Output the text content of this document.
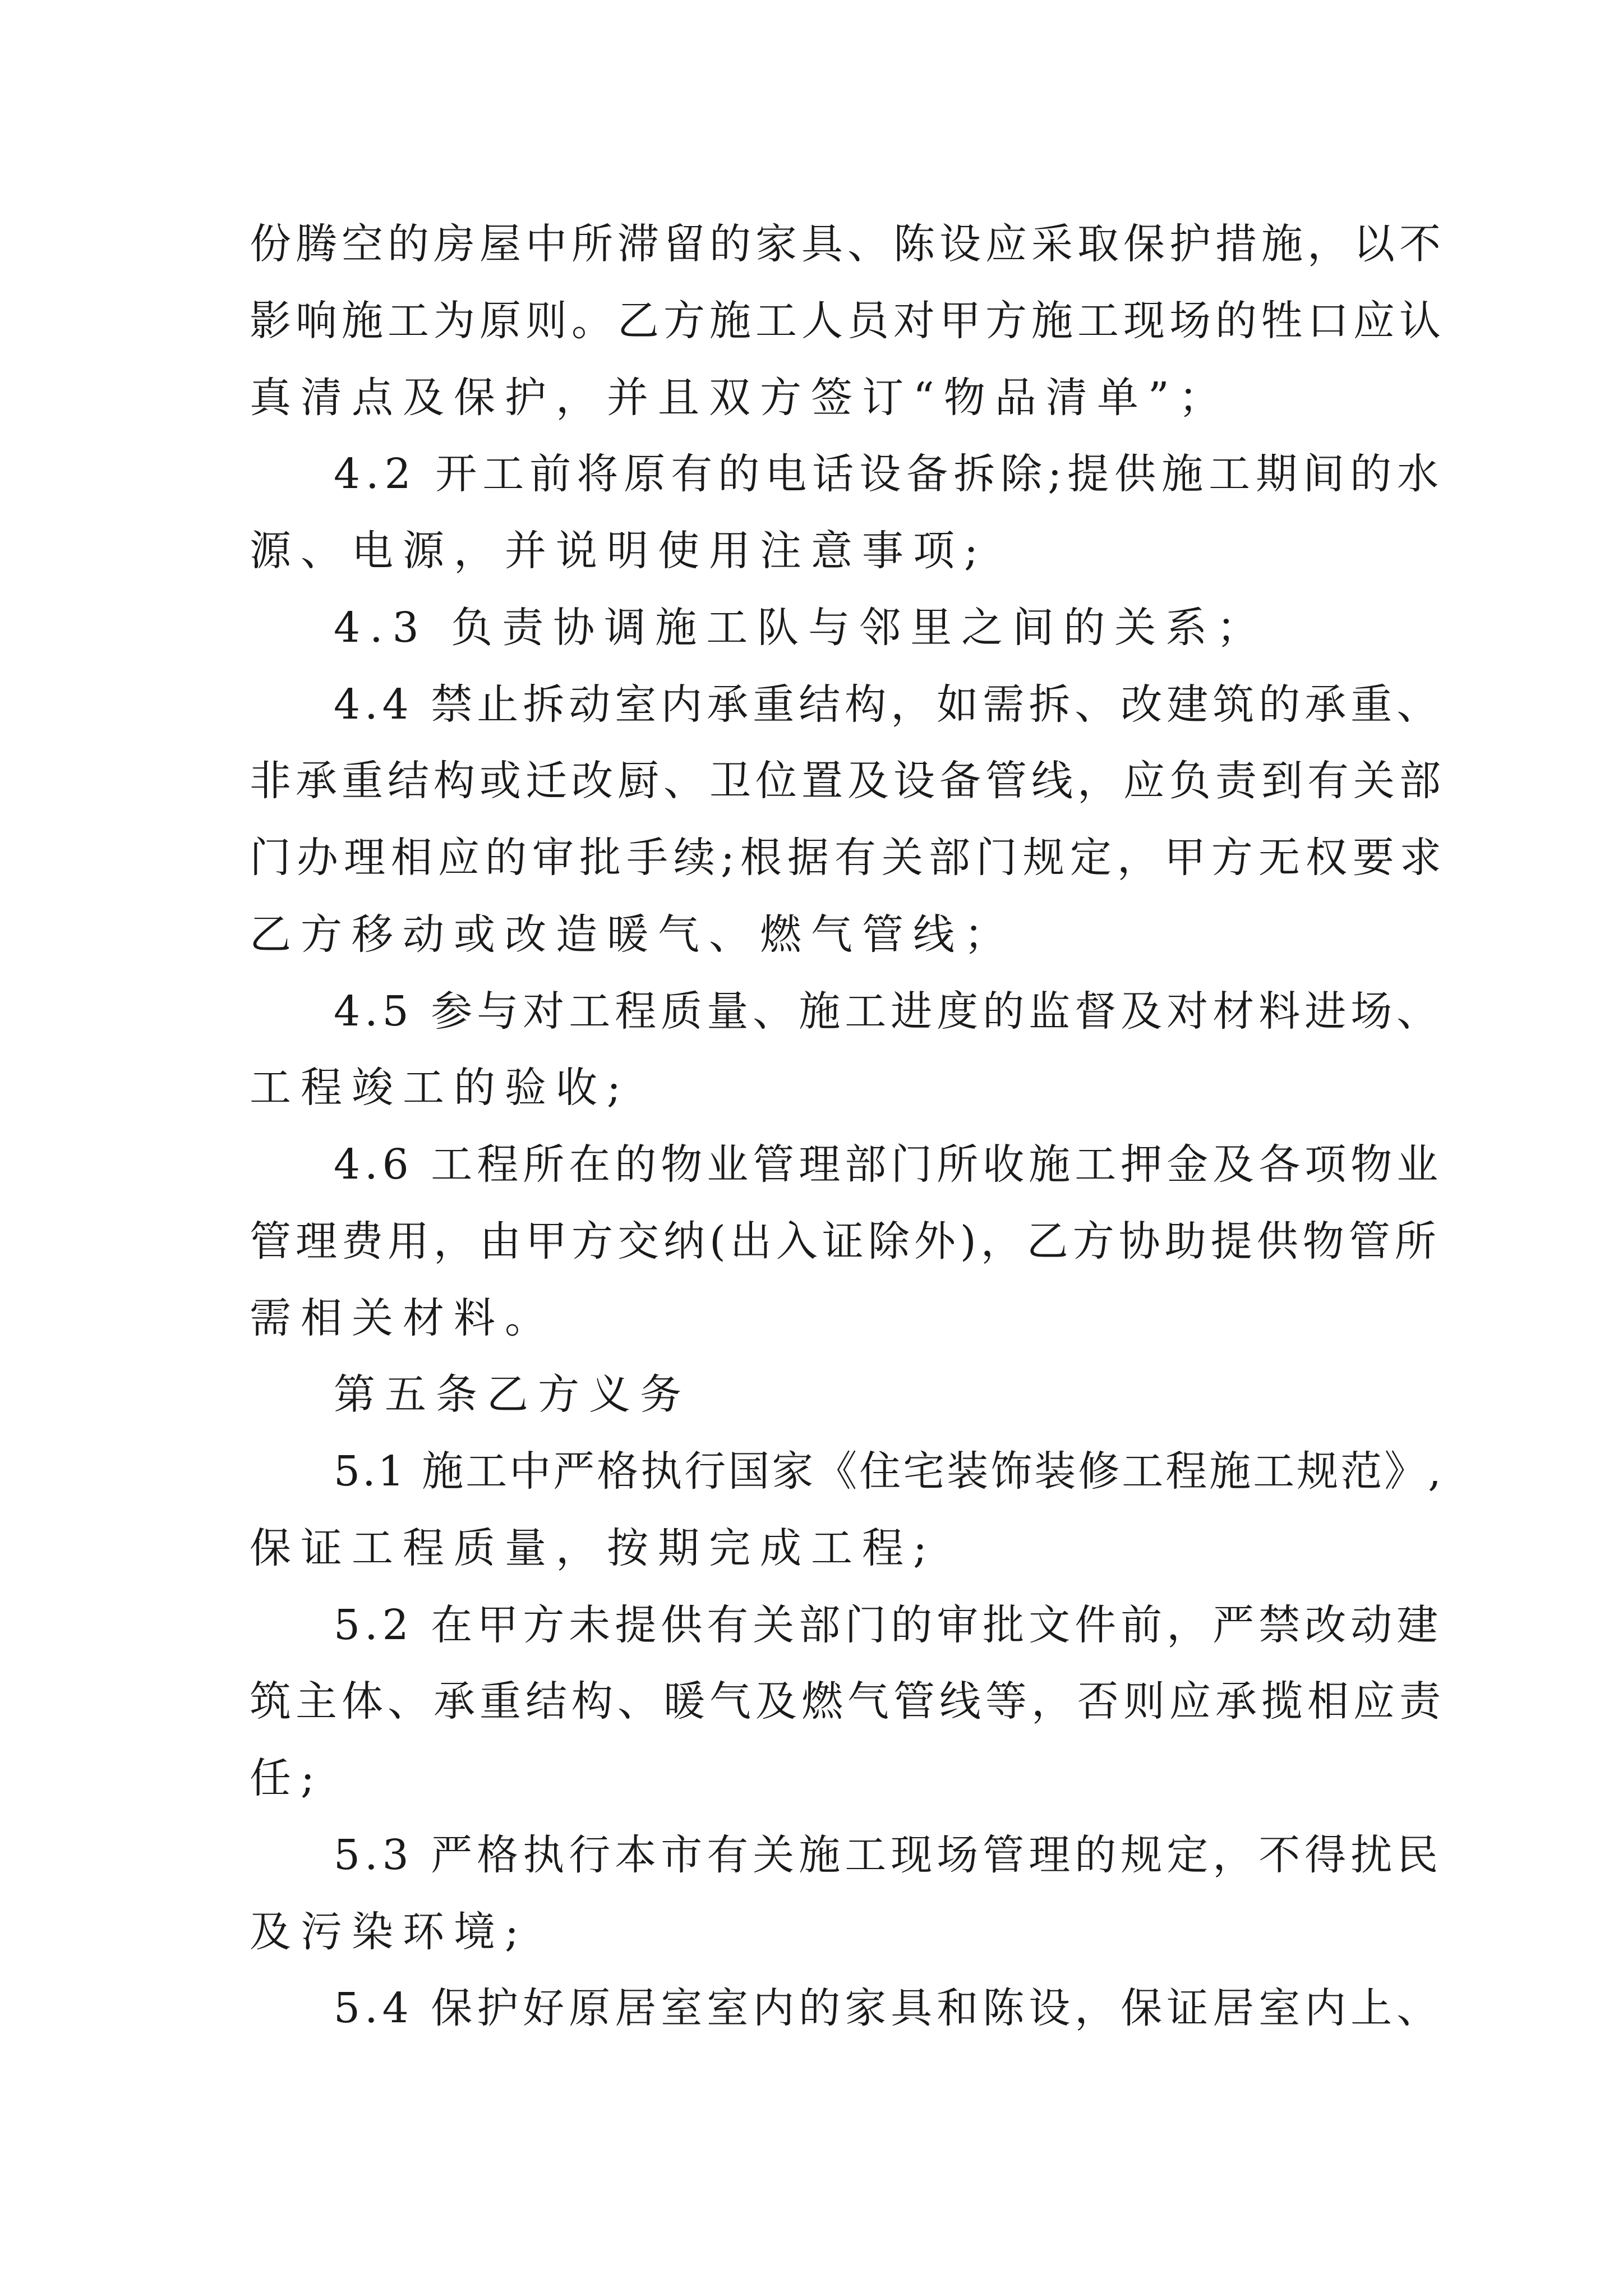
份腾空的房屋中所滞留的家具、陈设应采取保护措施，以不
影响施工为原则。乙方施工人员对甲方施工现场的牲口应认
真清点及保护，并且双方签订“物品清单”；
4.2 开工前将原有的电话设备拆除;提供施工期间的水
源、电源，并说明使用注意事项;
4.3 负责协调施工队与邻里之间的关系；
4.4 禁止拆动室内承重结构，如需拆、改建筑的承重、
非承重结构或迁改厨、卫位置及设备管线，应负责到有关部
门办理相应的审批手续;根据有关部门规定，甲方无权要求
乙方移动或改造暖气、燃气管线；
4.5 参与对工程质量、施工进度的监督及对材料进场、
工程竣工的验收;
4.6 工程所在的物业管理部门所收施工押金及各项物业
管理费用，由甲方交纳(出入证除外)，乙方协助提供物管所
需相关材料。
第五条乙方义务
5.1 施工中严格执行国家《住宅装饰装修工程施工规范》,
保证工程质量，按期完成工程;
5.2 在甲方未提供有关部门的审批文件前，严禁改动建
筑主体、承重结构、暖气及燃气管线等，否则应承揽相应责
任;
5.3 严格执行本市有关施工现场管理的规定，不得扰民
及污染环境;
5.4 保护好原居室室内的家具和陈设，保证居室内上、
